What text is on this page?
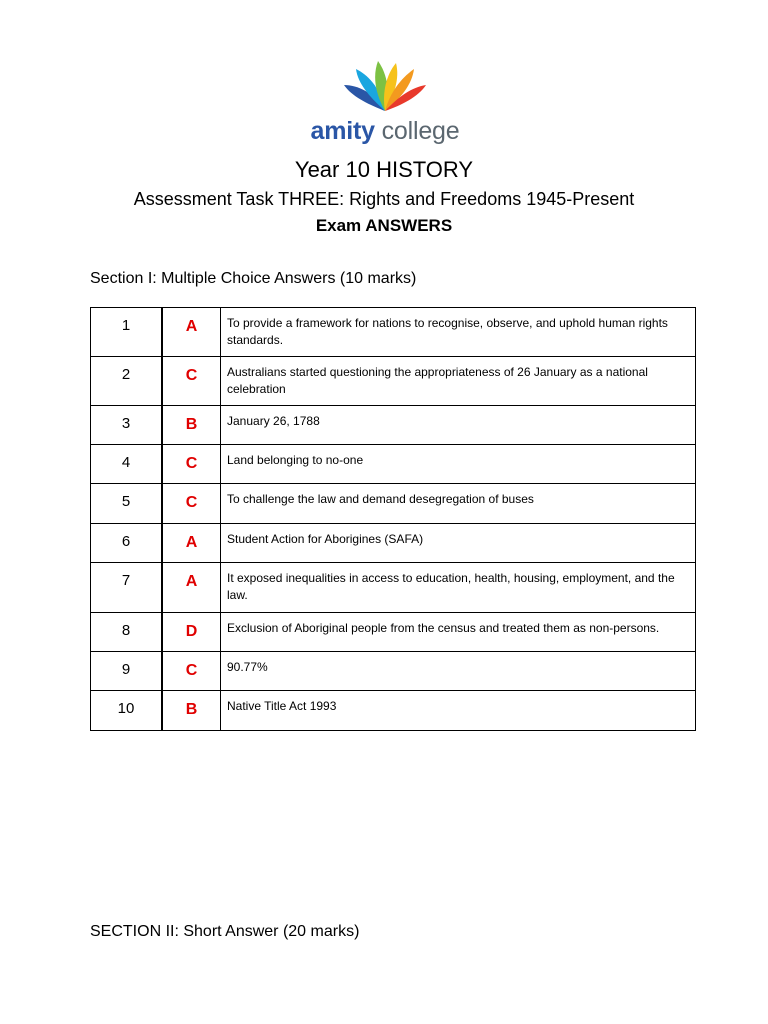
amity college
Year 10 HISTORY
Assessment Task THREE: Rights and Freedoms 1945-Present
Exam ANSWERS
Section I: Multiple Choice Answers (10 marks)
1	A	To provide a framework for nations to recognise, observe, and uphold human rights standards.
2	C	Australians started questioning the appropriateness of 26 January as a national celebration
3	B	January 26, 1788
4	C	Land belonging to no-one
5	C	To challenge the law and demand desegregation of buses
6	A	Student Action for Aborigines (SAFA)
7	A	It exposed inequalities in access to education, health, housing, employment, and the law.
8	D	Exclusion of Aboriginal people from the census and treated them as non-persons.
9	C	90.77%
10	B	Native Title Act 1993
SECTION II: Short Answer (20 marks)
